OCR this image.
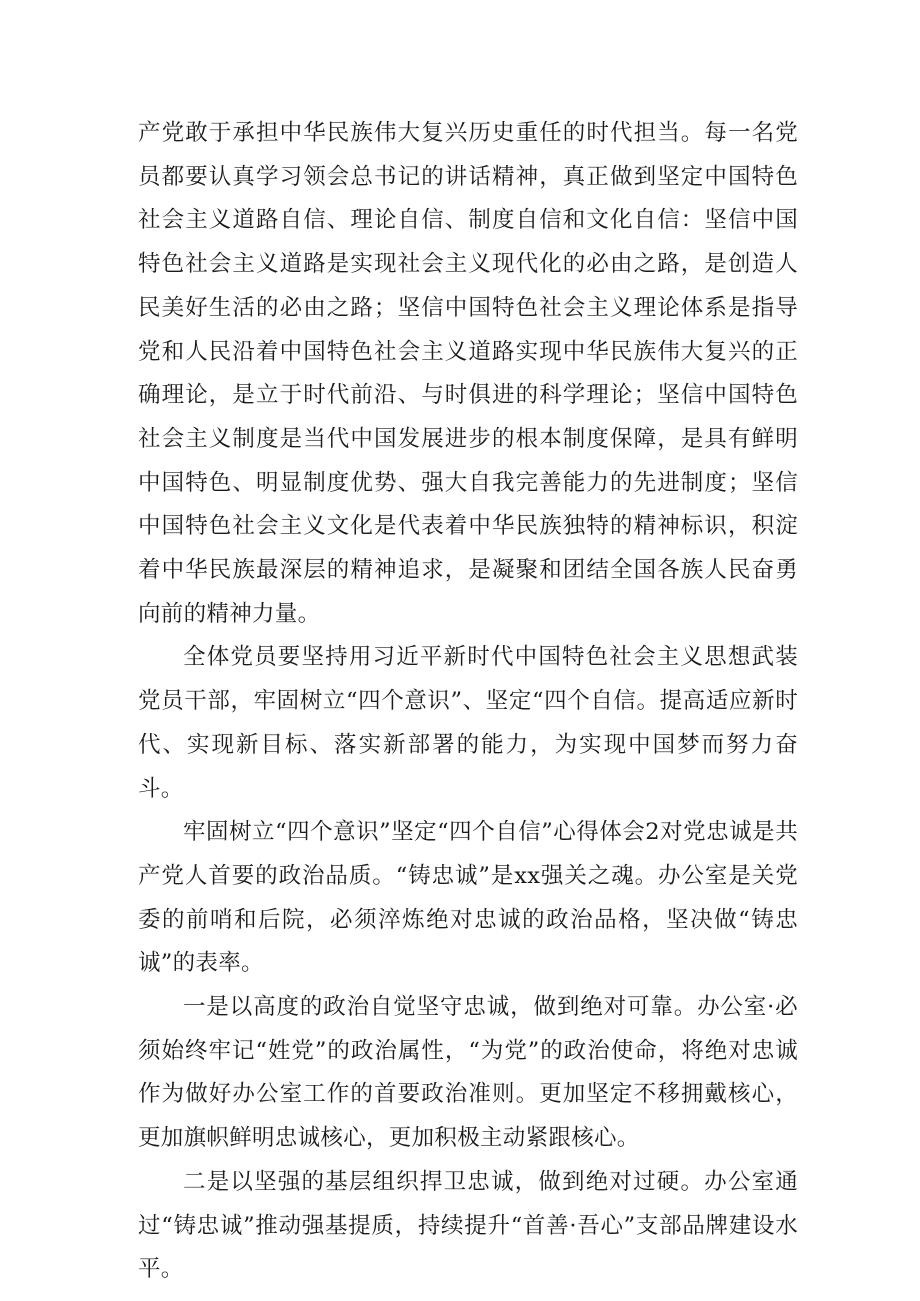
产党敢于承担中华民族伟大复兴历史重任的时代担当。每一名党员都要认真学习领会总书记的讲话精神，真正做到坚定中国特色社会主义道路自信、理论自信、制度自信和文化自信：坚信中国特色社会主义道路是实现社会主义现代化的必由之路，是创造人民美好生活的必由之路；坚信中国特色社会主义理论体系是指导党和人民沿着中国特色社会主义道路实现中华民族伟大复兴的正确理论，是立于时代前沿、与时俱进的科学理论；坚信中国特色社会主义制度是当代中国发展进步的根本制度保障，是具有鲜明中国特色、明显制度优势、强大自我完善能力的先进制度；坚信中国特色社会主义文化是代表着中华民族独特的精神标识，积淀着中华民族最深层的精神追求，是凝聚和团结全国各族人民奋勇向前的精神力量。

全体党员要坚持用习近平新时代中国特色社会主义思想武装党员干部，牢固树立“四个意识”、坚定“四个自信。提高适应新时代、实现新目标、落实新部署的能力，为实现中国梦而努力奋斗。

牢固树立“四个意识”坚定“四个自信”心得体会2对党忠诚是共产党人首要的政治品质。“铸忠诚”是xx强关之魂。办公室是关党委的前哨和后院，必须淬炼绝对忠诚的政治品格，坚决做“铸忠诚”的表率。

一是以高度的政治自觉坚守忠诚，做到绝对可靠。办公室·必须始终牢记“姓党”的政治属性，“为党”的政治使命，将绝对忠诚作为做好办公室工作的首要政治准则。更加坚定不移拥戴核心，更加旗帜鲜明忠诚核心，更加积极主动紧跟核心。

二是以坚强的基层组织捍卫忠诚，做到绝对过硬。办公室通过“铸忠诚”推动强基提质，持续提升“首善·吾心”支部品牌建设水平。
